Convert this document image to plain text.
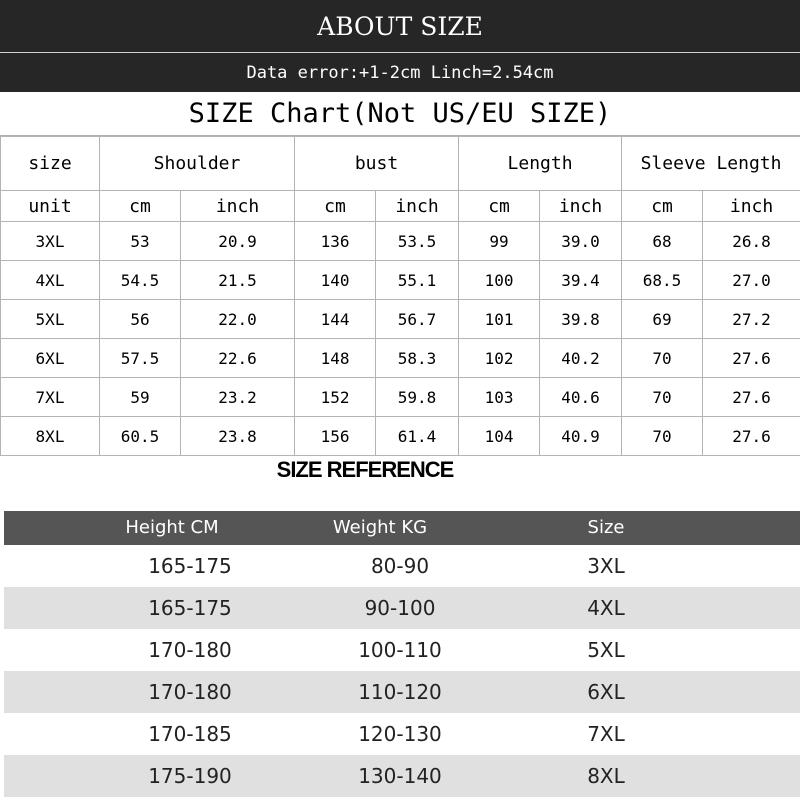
ABOUT SIZE
Data error:+1-2cm Linch=2.54cm
SIZE Chart(Not US/EU SIZE)
size	Shoulder		bust		Length		Sleeve Length	
unit	cm	inch	cm	inch	cm	inch	cm	inch
3XL	53	20.9	136	53.5	99	39.0	68	26.8
4XL	54.5	21.5	140	55.1	100	39.4	68.5	27.0
5XL	56	22.0	144	56.7	101	39.8	69	27.2
6XL	57.5	22.6	148	58.3	102	40.2	70	27.6
7XL	59	23.2	152	59.8	103	40.6	70	27.6
8XL	60.5	23.8	156	61.4	104	40.9	70	27.6
SIZE REFERENCE
Height CM	Weight KG	Size
165-175	80-90	3XL
165-175	90-100	4XL
170-180	100-110	5XL
170-180	110-120	6XL
170-185	120-130	7XL
175-190	130-140	8XL
